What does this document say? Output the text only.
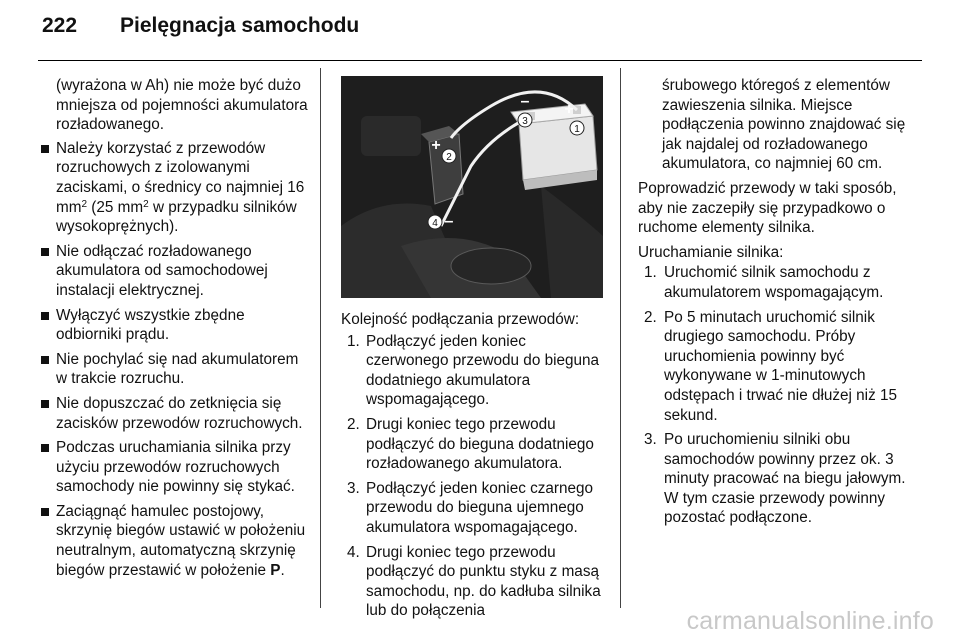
222 Pielęgnacja samochodu

(wyrażona w Ah) nie może być dużo mniejsza od pojemności akumulatora rozładowanego.

Należy korzystać z przewodów rozruchowych z izolowanymi zaciskami, o średnicy co najmniej 16 $mm^2$ (25 $mm^2$ w przypadku silników wysokoprężnych).
Nie odłączać rozładowanego akumulatora od samochodowej instalacji elektrycznej.
Wyłączyć wszystkie zbędne odbiorniki prądu.
Nie pochylać się nad akumulatorem w trakcie rozruchu.
Nie dopuszczać do zetknięcia się zacisków przewodów rozruchowych.
Podczas uruchamiania silnika przy użyciu przewodów rozruchowych samochody nie powinny się stykać.
Zaciągnąć hamulec postojowy, skrzynię biegów ustawić w położeniu neutralnym, automatyczną skrzynię biegów przestawić w położenie P.
1
+
2
+
3
–
4 –

Kolejność podłączania przewodów:

1. Podłączyć jeden koniec czerwonego przewodu do bieguna dodatniego akumulatora wspomagającego.
2. Drugi koniec tego przewodu podłączyć do bieguna dodatniego rozładowanego akumulatora.
3. Podłączyć jeden koniec czarnego przewodu do bieguna ujemnego akumulatora wspomagającego.
4. Drugi koniec tego przewodu podłączyć do punktu styku z masą samochodu, np. do kadłuba silnika lub do połączenia

śrubowego któregoś z elementów zawieszenia silnika. Miejsce podłączenia powinno znajdować się jak najdalej od rozładowanego akumulatora, co najmniej 60 cm.

Poprowadzić przewody w taki sposób, aby nie zaczepiły się przypadkowo o ruchome elementy silnika.

Uruchamianie silnika:

1. Uruchomić silnik samochodu z akumulatorem wspomagającym.
2. Po 5 minutach uruchomić silnik drugiego samochodu. Próby uruchomienia powinny być wykonywane w 1-minutowych odstępach i trwać nie dłużej niż 15 sekund.
3. Po uruchomieniu silniki obu samochodów powinny przez ok. 3 minuty pracować na biegu jałowym. W tym czasie przewody powinny pozostać podłączone.
carmanualsonline.info
